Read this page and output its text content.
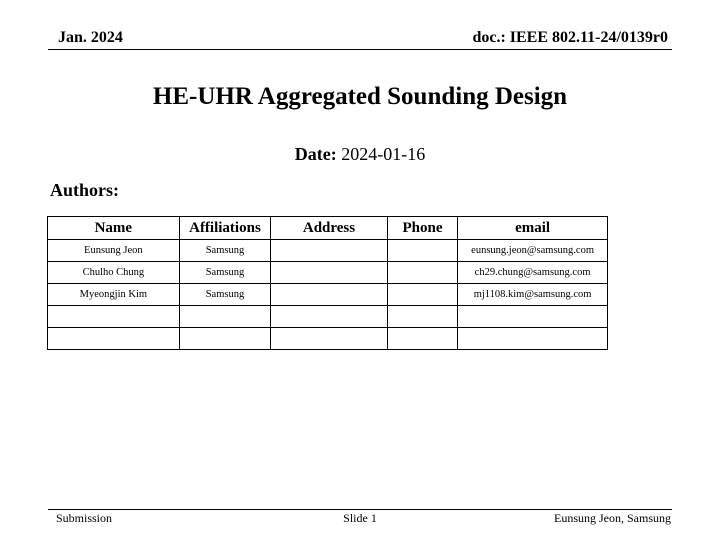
Jan. 2024	doc.: IEEE 802.11-24/0139r0
HE-UHR Aggregated Sounding Design
Date: 2024-01-16
Authors:
Name	Affiliations	Address	Phone	email
Eunsung Jeon	Samsung			eunsung.jeon@samsung.com
Chulho Chung	Samsung			ch29.chung@samsung.com
Myeongjin Kim	Samsung			mj1108.kim@samsung.com

Submission	Slide 1	Eunsung Jeon, Samsung
